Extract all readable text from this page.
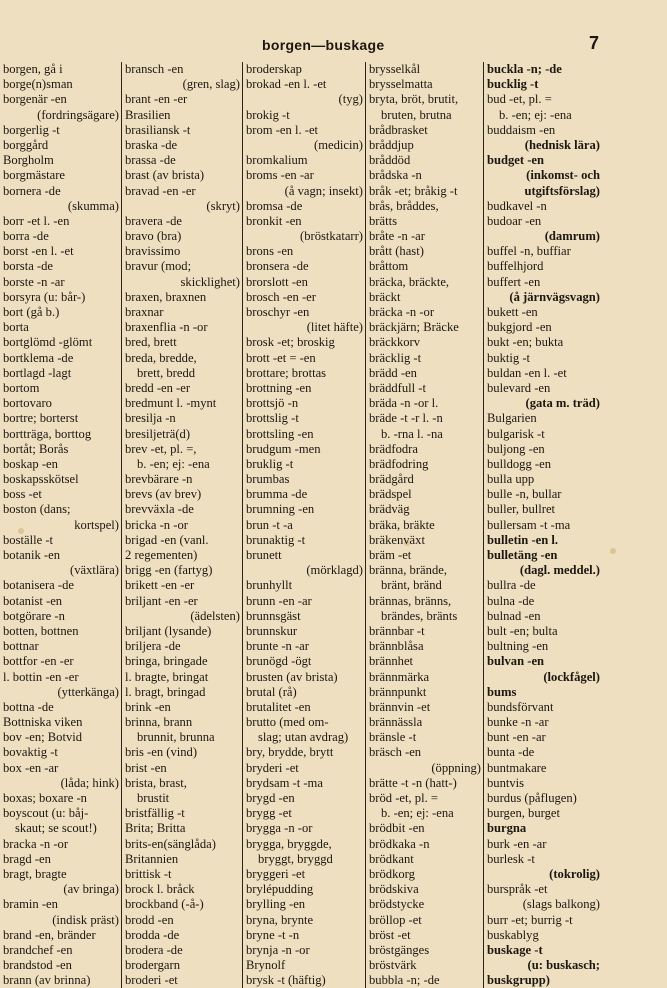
borgen—buskage	7
borgen, gå i
borge(n)sman
borgenär -en
(fordringsägare)
borgerlig -t
borggård
Borgholm
borgmästare
bornera -de
(skumma)
borr -et l. -en
borra -de
borst -en l. -et
borsta -de
borste -n -ar
borsyra (u: bår-)
bort (gå b.)
borta
bortglömd -glömt
bortklema -de
bortlagd -lagt
bortom
bortovaro
bortre; borterst
bortträga, borttog
bortåt; Borås
boskap -en
boskapsskötsel
boss -et
boston (dans;
kortspel)
boställe -t
botanik -en
(växtlära)
botanisera -de
botanist -en
botgörare -n
botten, bottnen
bottnar
bottfor -en -er
l. bottin -en -er
(ytterkänga)
bottna -de
Bottniska viken
bov -en; Botvid
bovaktig -t
box -en -ar
(låda; hink)
boxas; boxare -n
boyscout (u: båj-
skaut; se scout!)
bracka -n -or
bragd -en
bragt, bragte
(av bringa)
bramin -en
(indisk präst)
brand -en, bränder
brandchef -en
brandstod -en
brann (av brinna)
bransch -en
(gren, slag)
brant -en -er
Brasilien
brasiliansk -t
braska -de
brassa -de
brast (av brista)
bravad -en -er
(skryt)
bravera -de
bravo (bra)
bravissimo
bravur (mod;
skicklighet)
braxen, braxnen
braxnar
braxenflia -n -or
bred, brett
breda, bredde,
brett, bredd
bredd -en -er
bredmunt l. -mynt
bresilja -n
bresiljeträ(d)
brev -et, pl. =,
b. -en; ej: -ena
brevbärare -n
brevs (av brev)
brevväxla -de
bricka -n -or
brigad -en (vanl.
2 regementen)
brigg -en (fartyg)
brikett -en -er
briljant -en -er
(ädelsten)
briljant (lysande)
briljera -de
bringa, bringade
l. bragte, bringat
l. bragt, bringad
brink -en
brinna, brann
brunnit, brunna
bris -en (vind)
brist -en
brista, brast,
brustit
bristfällig -t
Brita; Britta
brits-en(sänglåda)
Britannien
brittisk -t
brock l. bråck
brockband (-å-)
brodd -en
brodda -de
brodera -de
brodergarn
broderi -et
broderskap
brokad -en l. -et
(tyg)
brokig -t
brom -en l. -et
(medicin)
bromkalium
broms -en -ar
(å vagn; insekt)
bromsa -de
bronkit -en
(bröstkatarr)
brons -en
bronsera -de
brorslott -en
brosch -en -er
broschyr -en
(litet häfte)
brosk -et; broskig
brott -et = -en
brottare; brottas
brottning -en
brottsjö -n
brottslig -t
brottsling -en
brudgum -men
bruklig -t
brumbas
brumma -de
brumning -en
brun -t -a
brunaktig -t
brunett
(mörklagd)
brunhyllt
brunn -en -ar
brunnsgäst
brunnskur
brunte -n -ar
brunögd -ögt
brusten (av brista)
brutal (rå)
brutalitet -en
brutto (med om-
slag; utan avdrag)
bry, brydde, brytt
bryderi -et
brydsam -t -ma
brygd -en
brygg -et
brygga -n -or
brygga, bryggde,
bryggt, bryggd
bryggeri -et
brylépudding
brylling -en
bryna, brynte
bryne -t -n
brynja -n -or
Brynolf
brysk -t (häftig)
brysselkål
brysselmatta
bryta, bröt, brutit,
bruten, brutna
brådbrasket
bråddjup
bråddöd
brådska -n
bråk -et; bråkig -t
brås, bråddes,
brätts
bråte -n -ar
brått (hast)
bråttom
bräcka, bräckte,
bräckt
bräcka -n -or
bräckjärn; Bräcke
bräckkorv
bräcklig -t
brädd -en
bräddfull -t
bräda -n -or l.
bräde -t -r l. -n
b. -rna l. -na
brädfodra
brädfodring
brädgård
brädspel
brädväg
bräka, bräkte
bräkenväxt
bräm -et
bränna, brände,
bränt, bränd
brännas, bränns,
brändes, bränts
brännbar -t
brännblåsa
brännhet
brännmärka
brännpunkt
brännvin -et
brännässla
bränsle -t
bräsch -en
(öppning)
brätte -t -n (hatt-)
bröd -et, pl. =
b. -en; ej: -ena
brödbit -en
brödkaka -n
brödkant
brödkorg
brödskiva
brödstycke
bröllop -et
bröst -et
bröstgänges
bröstvärk
bubbla -n; -de
buckla -n; -de
bucklig -t
bud -et, pl. =
b. -en; ej: -ena
buddaism -en
(hednisk lära)
budget -en
(inkomst- och
utgiftsförslag)
budkavel -n
budoar -en
(damrum)
buffel -n, buffiar
buffelhjord
buffert -en
(å järnvägsvagn)
bukett -en
bukgjord -en
bukt -en; bukta
buktig -t
buldan -en l. -et
bulevard -en
(gata m. träd)
Bulgarien
bulgarisk -t
buljong -en
bulldogg -en
bulla upp
bulle -n, bullar
buller, bullret
bullersam -t -ma
bulletin -en l.
bulletäng -en
(dagl. meddel.)
bullra -de
bulna -de
bulnad -en
bult -en; bulta
bultning -en
bulvan -en
(lockfågel)
bums
bundsförvant
bunke -n -ar
bunt -en -ar
bunta -de
buntmakare
buntvis
burdus (påflugen)
burgen, burget
burgna
burk -en -ar
burlesk -t
(tokrolig)
burspråk -et
(slags balkong)
burr -et; burrig -t
buskablyg
buskage -t
(u: buskasch;
buskgrupp)
